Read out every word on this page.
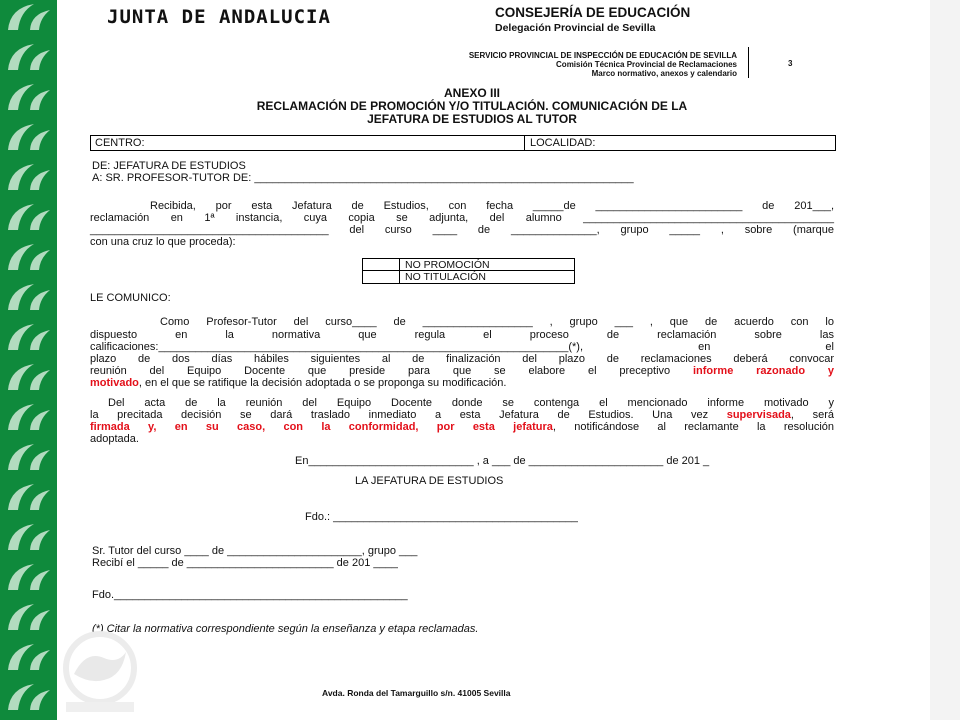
JUNTA DE ANDALUCIA	CONSEJERÍA DE EDUCACIÓN
Delegación Provincial de Sevilla
SERVICIO PROVINCIAL DE INSPECCIÓN DE EDUCACIÓN DE SEVILLA
Comisión Técnica Provincial de Reclamaciones
Marco normativo, anexos y calendario
3
ANEXO III
RECLAMACIÓN DE PROMOCIÓN Y/O TITULACIÓN. COMUNICACIÓN DE LA
JEFATURA DE ESTUDIOS AL TUTOR
CENTRO:	LOCALIDAD:
DE: JEFATURA DE ESTUDIOS
A: SR. PROFESOR-TUTOR DE: ______________________________________________________________
Recibida, por esta Jefatura de Estudios, con fecha _____de ________________________ de 201___,
reclamación en 1ª instancia, cuya copia se adjunta, del alumno _________________________________________
_______________________________________ del curso ____ de ______________, grupo _____ , sobre (marque
con una cruz lo que proceda):
NO PROMOCIÓN
NO TITULACIÓN
LE COMUNICO:
Como Profesor-Tutor del curso____ de __________________ , grupo ___ , que de acuerdo con lo
dispuesto en la normativa que regula el proceso de reclamación sobre las
calificaciones:___________________________________________________________________(*), en el
plazo de dos días hábiles siguientes al de finalización del plazo de reclamaciones deberá convocar
reunión del Equipo Docente que preside para que se elabore el preceptivo informe razonado y
motivado, en el que se ratifique la decisión adoptada o se proponga su modificación.
Del acta de la reunión del Equipo Docente donde se contenga el mencionado informe motivado y
la precitada decisión se dará traslado inmediato a esta Jefatura de Estudios. Una vez supervisada, será
firmada y, en su caso, con la conformidad, por esta jefatura, notificándose al reclamante la resolución
adoptada.
En___________________________ , a ___ de ______________________ de 201 _
LA JEFATURA DE ESTUDIOS
Fdo.: ________________________________________
Sr. Tutor del curso ____ de ______________________, grupo ___
Recibí el _____ de ________________________ de 201 ____
Fdo.________________________________________________
(*) Citar la normativa correspondiente según la enseñanza y etapa reclamadas.
Avda. Ronda del Tamarguillo s/n. 41005 Sevilla
